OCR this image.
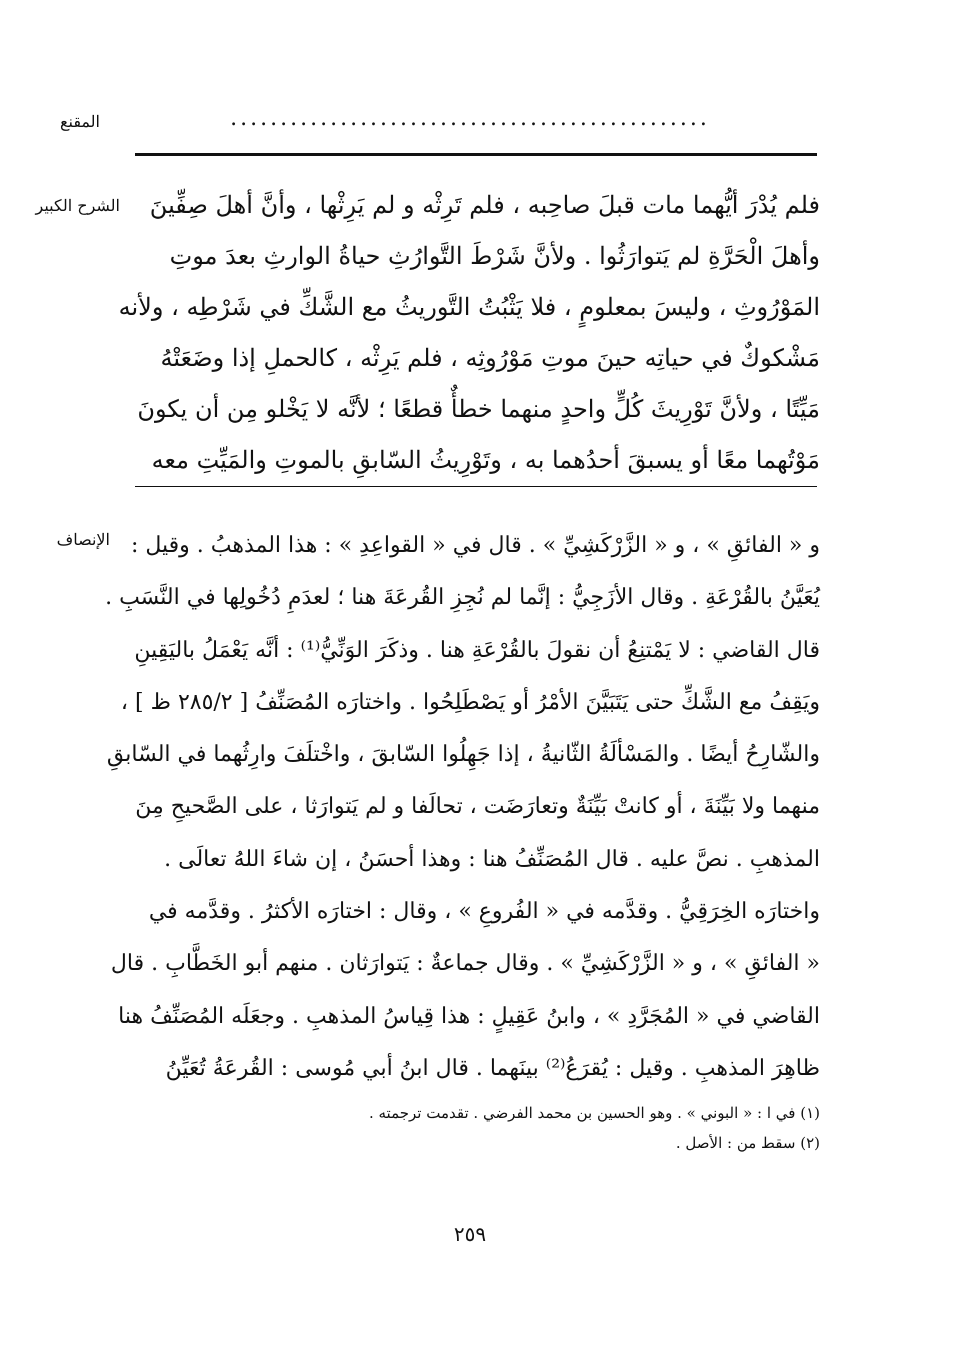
المقنع	................................................
الشرح الكبير	فلم يُدْرَ أيُّهما مات قبلَ صاحِبه ، فلم تَرِثْه و لم يَرِثْها ، وأنَّ أهلَ صِفِّينَ
وأهلَ الْحَرَّةِ لم يَتوارَثُوا . ولأنَّ شَرْطَ التَّوارُثِ حياةُ الوارثِ بعدَ موتِ
المَوْرُوثِ ، وليسَ بمعلومٍ ، فلا يَثْبُتُ التَّوريثُ مع الشَّكِّ في شَرْطِه ، ولأنه
مَشْكوكٌ في حياتِه حينَ موتِ مَوْرُوثِه ، فلم يَرِثْه ، كالحملِ إذا وضَعَتْهُ
مَيِّتًا ، ولأنَّ تَوْرِيثَ كُلٍّ واحدٍ منهما خطأٌ قطعًا ؛ لأنَّه لا يَخْلو مِن أن يكونَ
مَوْتُهما معًا أو يسبقَ أحدُهما به ، وتَوْرِيثُ السّابقِ بالموتِ والمَيِّتِ معه
الإنصاف و « الفائقِ » ، و « الزَّرْكَشِيِّ » . قال في « القواعِدِ » : هذا المذهبُ . وقيل :
يُعَيَّنُ بالقُرْعَةِ . وقال الأزَجِيُّ : إنَّما لم نُجِزِ القُرعَةَ هنا ؛ لعدَمِ دُخُولِها في النَّسَبِ .
قال القاضي : لا يَمْتنِعُ أن نقولَ بالقُرْعَةِ هنا . وذكَرَ الوَنِّيُّ⁽¹⁾ : أنَّه يَعْمَلُ باليَقِينِ
ويَقِفُ مع الشَّكِّ حتى يَتَبَيَّنَ الأمْرُ أو يَصْطَلِحُوا . واختارَه المُصَنِّفُ [ ٢٨٥/٢ ظ ] ،
والشّارِحُ أيضًا . والمَسْألَةُ الثّانيةُ ، إذا جَهِلُوا السّابقَ ، واخْتلَفَ وارِثُهما في السّابقِ
منهما ولا بَيِّنَةَ ، أو كانتْ بَيِّنَةٌ وتعارَضَت ، تحالَفا و لم يَتوارَثا ، على الصَّحيحِ مِنَ
المذهبِ . نصَّ عليه . قال المُصَنِّفُ هنا : وهذا أحسَنُ ، إن شاءَ اللهُ تعالَى .
واختارَه الخِرَقِيُّ . وقدَّمه في « الفُروعِ » ، وقال : اختارَه الأكثرُ . وقدَّمه في
« الفائقِ » ، و « الزَّرْكَشِيِّ » . وقال جماعةٌ : يَتوارَثان . منهم أبو الخَطَّابِ . قال
القاضي في « المُجَرَّدِ » ، وابنُ عَقِيلٍ : هذا قِياسُ المذهبِ . وجعَلَه المُصَنِّفُ هنا
ظاهِرَ المذهبِ . وقيل : يُقرَعُ⁽²⁾ بينَهما . قال ابنُ أبي مُوسى : القُرعَةُ تُعَيِّنُ
(١) في ا : « البوني » . وهو الحسين بن محمد الفرضي . تقدمت ترجمته .
(٢) سقط من : الأصل .
٢٥٩
